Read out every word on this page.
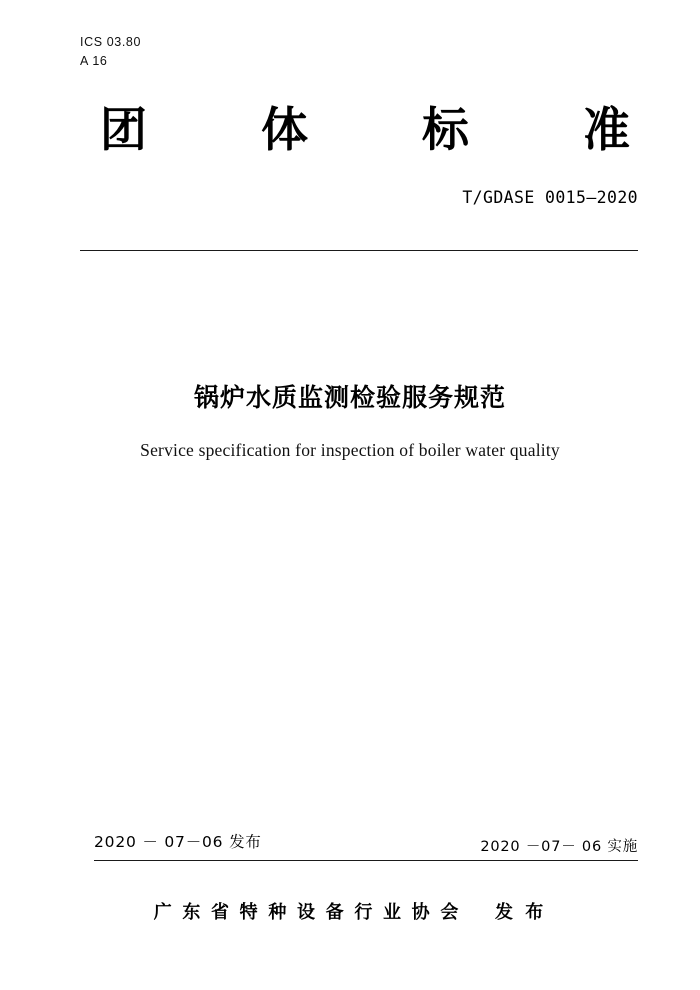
ICS 03.80
A 16
团 体 标 准
T/GDASE 0015—2020
锅炉水质监测检验服务规范
Service specification for inspection of boiler water quality
2020 － 07－06 发布	2020 －07－ 06 实施
广 东 省 特 种 设 备 行 业 协 会 发 布
